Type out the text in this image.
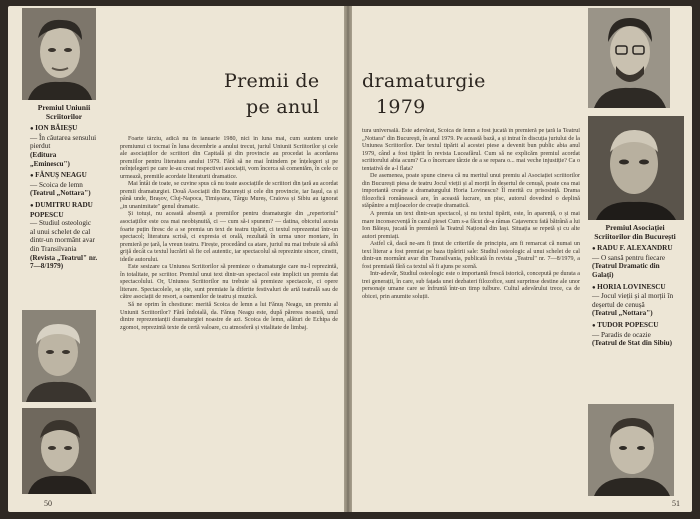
Premiul Uniunii Scriitorilor
● ION BĂIEȘU
— În căutarea sensului pierdut
(Editura „Eminescu")
● FĂNUȘ NEAGU
— Scoica de lemn
(Teatrul „Nottara")
● DUMITRU RADU POPESCU
— Studiul osteologic al unui schelet de cal dintr-un mormânt avar din Transilvania
(Revista „Teatrul" nr. 7—8/1979)
Premii de
pe anul

Foarte târziu, adică nu în ianuarie 1980, nici în luna mai, cum suntem unele premiunui ci tocmai în luna decembrie a anului trecut, juriul Uniunii Scriitorilor și cele ale asociațiilor de scriitori din Capitală și din provincie au procedat la acordarea premiilor pentru literatura anului 1979. Fără să ne mai întindem pe înțelegeri și pe neînțelegeri pe care le-au creat respectivei asociații, vom încerca să comentăm, în cele ce urmează, premiile acordate literaturii dramatice.

Mai întâi de toate, se cuvine spus că nu toate asociațiile de scriitori din țară au acordat premii dramaturgiei. Două Asociații din București și cele din provincie, iar Iașul, ca și până unde, Brașov, Cluj-Napoca, Timișoara, Târgu Mureș, Craiova și Sibiu au ignorat „in unanimitate" genul dramatic.

Și totuși, nu această absență a premiilor pentru dramaturgie din „repertoriul" asociațiilor este cea mai neobișnuită, ci — cum să-i spunem? — datina, obiceiul acesta foarte puțin firesc de a se premia un text de teatru tipărit, ci textul reprezentat într-un spectacol; literatura scrisă, ci expresia ei orală, rezultată în urma unor montare, în premieră pe țară, la vreun teatru. Firește, procedând ca atare, juriul nu mai trebuie să aibă grijă decât ca textul lucrării să fie cel autentic, iar spectacolul să reprezinte sincer, cinstit, ideile autorului.

Este sesizare ca Uniunea Scriitorilor să premieze o dramaturgie care nu-l reprezintă, în totalitate, pe scriitor. Premiul unui text dintr-un spectacol este implicit un premiu dat spectacolului. Or, Uniunea Scriitorilor nu trebuie să premieze spectacole, ci opere literare. Spectacolele, se știe, sunt premiate la diferite festivaluri de artă teatrală sau de către asociații de resort, a oamenilor de teatru și muzică.

Să ne oprim în chestiune: merită Scoica de lemn a lui Fănuș Neagu, un premiu al Uniunii Scriitorilor? Fără îndoială, da. Fănuș Neagu este, după părerea noastră, unul dintre reprezentanții dramaturgiei noastre de azi. Scoica de lemn, alături de Echipa de zgomot, reprezintă texte de certă valoare, cu atmosferă și vitalitate de limbaj.

50
dramaturgie
1979

tura universală. Este adevărat, Scoica de lemn a fost jucată în premieră pe țară la Teatrul „Nottara" din București, în anul 1979. Pe această bază, a și intrat în discuția juriului de la Uniunea Scriitorilor. Dar textul tipărit al acestei piese a devenit bun public abia anul 1979, când a fost tipărit în revista Luceafărul. Cum să ne explicăm premiul acordat scriitorului abia acum? Ca o încercare târzie de a se repara o... mai veche injustiție? Ca o tentativă de a-l flata?

De asemenea, poate spune cineva că nu meritul unui premiu al Asociației scriitorilor din București piesa de teatru Jocul vieții și al morții în deșertul de cenușă, poate cea mai importantă creație a dramaturgului Horia Lovinescu? Îl merită cu prisosință. Drama filozofică românească are, în această lucrare, un pisc, autorul dovedind o deplină stăpânire a mijloacelor de creație dramatică.

A premia un text dintr-un spectacol, și nu textul tipărit, este, în aparență, o și mai mare inconsecvență în cazul piesei Cum s-a făcut de-a râmas Cațavencu fată bătrână a lui Ion Băieșu, jucată în premieră la Teatrul Național din Iași. Situația se repetă și cu alte autori premiați.

Astfel că, dacă ne-am fi ținut de criteriile de principiu, am fi remarcat că numai un text literar a fost premiat pe baza tipăririi sale: Studiul osteologic al unui schelet de cal dintr-un mormânt avar din Transilvania, publicată în revista „Teatrul" nr. 7—8/1979, a fost premiată fără ca textul să fi ajuns pe scenă.

Intr-adevăr, Studiul osteologic este o importantă frescă istorică, concepută pe durata a trei generații, în care, sub fațada unei dezbateri filozofice, sunt surprinse destine ale unor personaje umane care se înfruntă într-un timp tulbure. Cultul adevărului trece, ca de obicei, prin anumite soluții.

Premiul Asociației Scriitorilor din București
● RADU F. ALEXANDRU
— O sansă pentru fiecare
(Teatrul Dramatic din Galați)
● HORIA LOVINESCU
— Jocul vieții și al morții în deșertul de cenușă
(Teatrul „Nottara")
● TUDOR POPESCU
— Paradis de ocazie
(Teatrul de Stat din Sibiu)
51
